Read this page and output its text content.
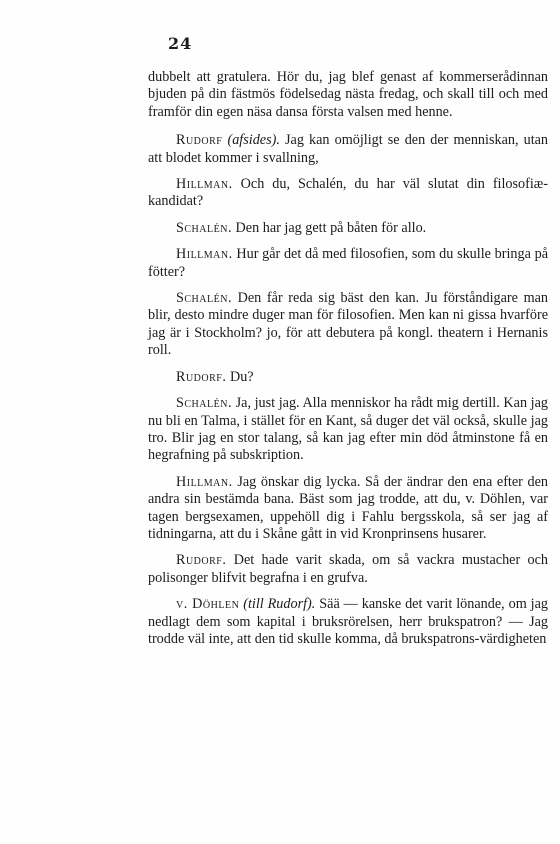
24

dubbelt att gratulera. Hör du, jag blef genast af kommerserådinnan bjuden på din fästmös födelsedag nästa fredag, och skall till och med framför din egen näsa dansa första valsen med henne.

Rudorf (afsides). Jag kan omöjligt se den der menniskan, utan att blodet kommer i svallning,

Hillman. Och du, Schalén, du har väl slutat din filosofiæ-kandidat?

Schalén. Den har jag gett på båten för allo.

Hillman. Hur går det då med filosofien, som du skulle bringa på fötter?

Schalén. Den får reda sig bäst den kan. Ju förståndigare man blir, desto mindre duger man för filosofien. Men kan ni gissa hvarföre jag är i Stockholm? jo, för att debutera på kongl. theatern i Hernanis roll.

Rudorf. Du?

Schalén. Ja, just jag. Alla menniskor ha rådt mig dertill. Kan jag nu bli en Talma, i stället för en Kant, så duger det väl också, skulle jag tro. Blir jag en stor talang, så kan jag efter min död åtminstone få en hegrafning på subskription.

Hillman. Jag önskar dig lycka. Så der ändrar den ena efter den andra sin bestämda bana. Bäst som jag trodde, att du, v. Döhlen, var tagen bergsexamen, uppehöll dig i Fahlu bergsskola, så ser jag af tidningarna, att du i Skåne gått in vid Kronprinsens husarer.

Rudorf. Det hade varit skada, om så vackra mustacher och polisonger blifvit begrafna i en grufva.

v. Döhlen (till Rudorf). Sää — kanske det varit lönande, om jag nedlagt dem som kapital i bruksrörelsen, herr brukspatron? — Jag trodde väl inte, att den tid skulle komma, då brukspatrons-värdigheten
